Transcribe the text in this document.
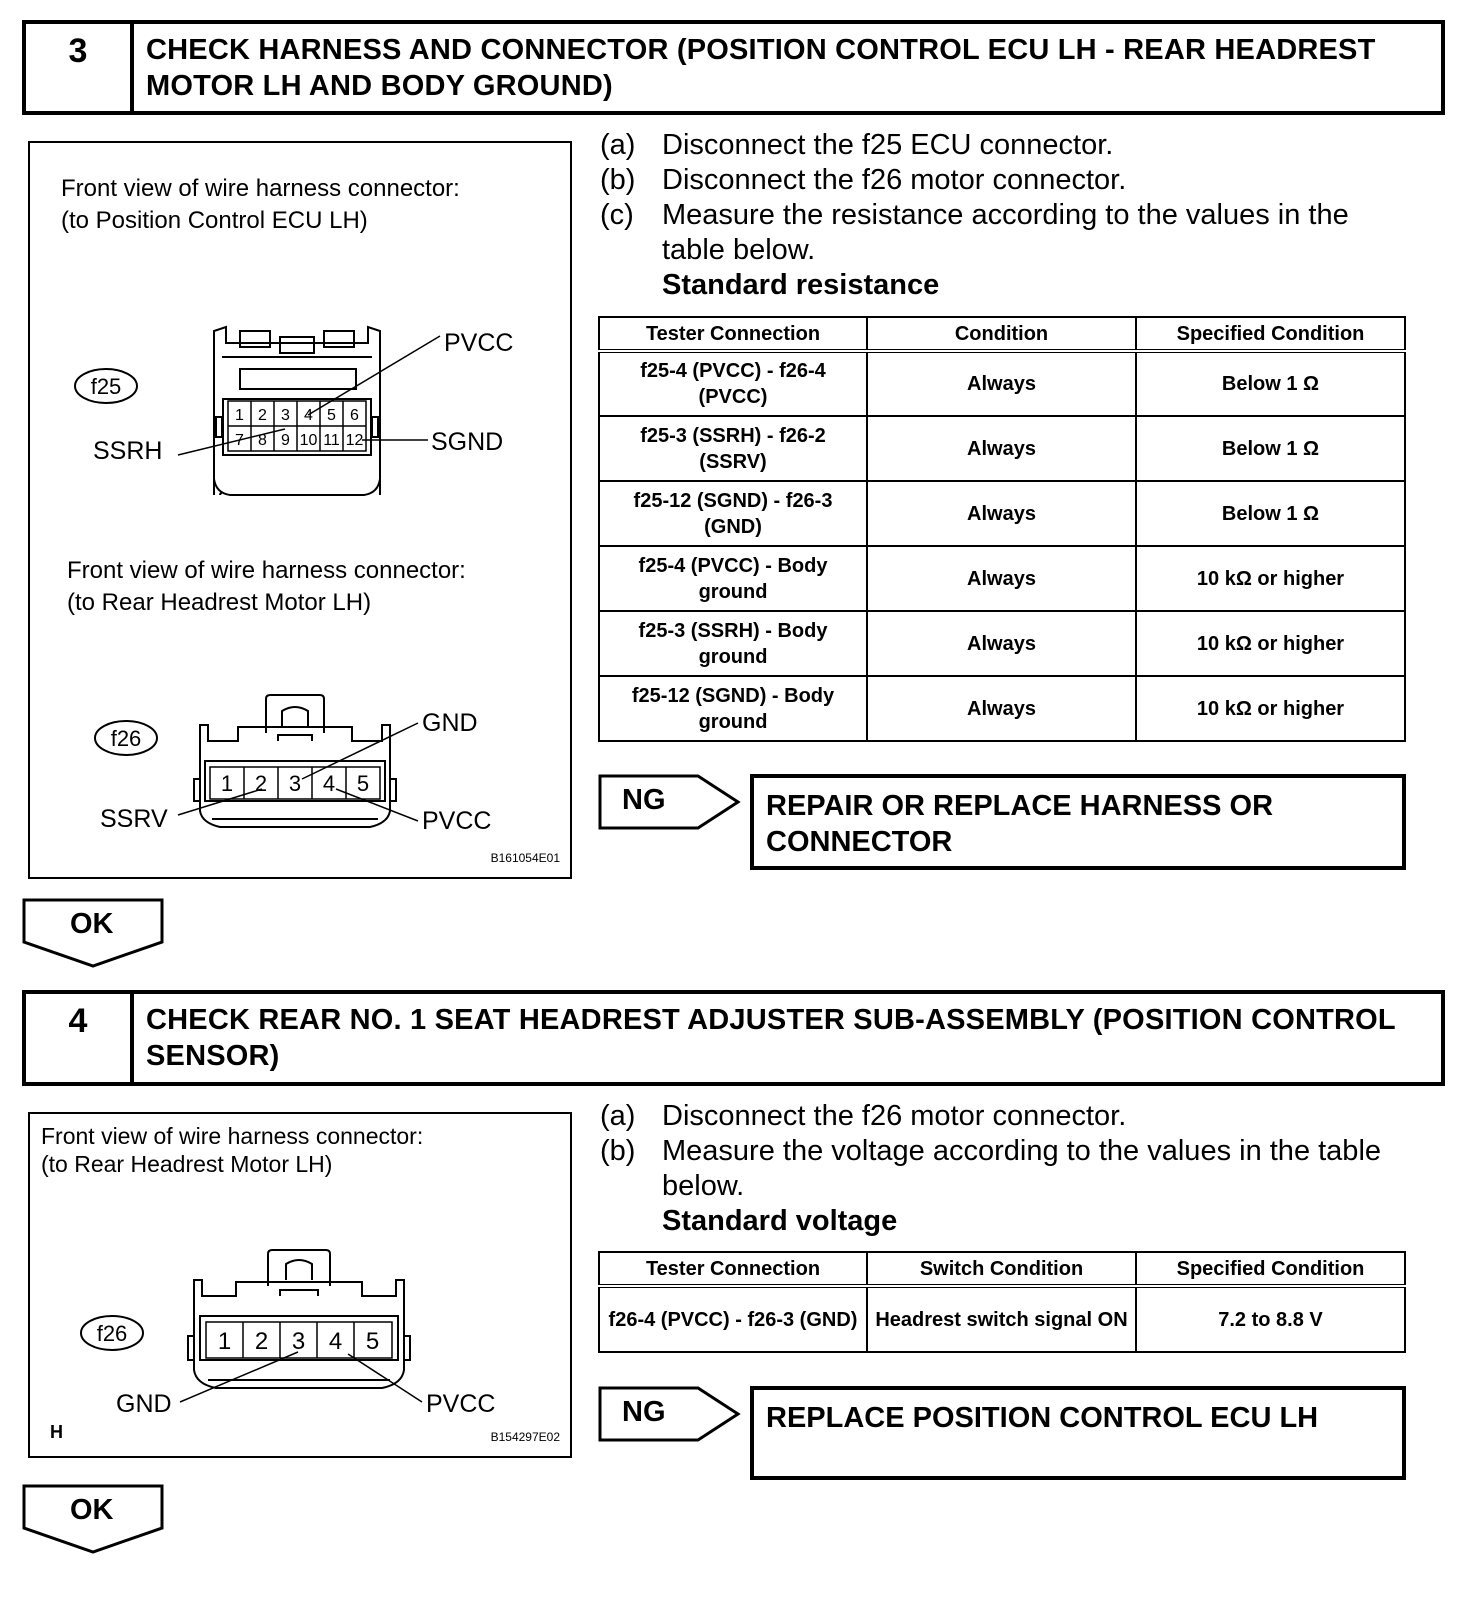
3	CHECK HARNESS AND CONNECTOR (POSITION CONTROL ECU LH - REAR HEADREST MOTOR LH AND BODY GROUND)
Front view of wire harness connector:
(to Position Control ECU LH)
f25
1 2 3 4 5 6
7 8 9 10 11 12
PVCC
SSRH	SGND
f26
1 2 3 4 5
GND
SSRV	PVCC
Front view of wire harness connector:
(to Rear Headrest Motor LH)
B161054E01
(a) Disconnect the f25 ECU connector.
(b) Disconnect the f26 motor connector.
(c) Measure the resistance according to the values in the table below.
Standard resistance
Tester Connection	Condition	Specified Condition
f25-4 (PVCC) - f26-4 (PVCC)	Always	Below 1 Ω
f25-3 (SSRH) - f26-2 (SSRV)	Always	Below 1 Ω
f25-12 (SGND) - f26-3 (GND)	Always	Below 1 Ω
f25-4 (PVCC) - Body ground	Always	10 kΩ or higher
f25-3 (SSRH) - Body ground	Always	10 kΩ or higher
f25-12 (SGND) - Body ground	Always	10 kΩ or higher
NG	REPAIR OR REPLACE HARNESS OR CONNECTOR
OK
4	CHECK REAR NO. 1 SEAT HEADREST ADJUSTER SUB-ASSEMBLY (POSITION CONTROL SENSOR)
Front view of wire harness connector:
(to Rear Headrest Motor LH)
f26	1 2 3 4 5
GND	PVCC
H	B154297E02
(a) Disconnect the f26 motor connector.
(b) Measure the voltage according to the values in the table below.
Standard voltage
Tester Connection	Switch Condition	Specified Condition
f26-4 (PVCC) - f26-3 (GND)	Headrest switch signal ON	7.2 to 8.8 V
NG	REPLACE POSITION CONTROL ECU LH
OK
